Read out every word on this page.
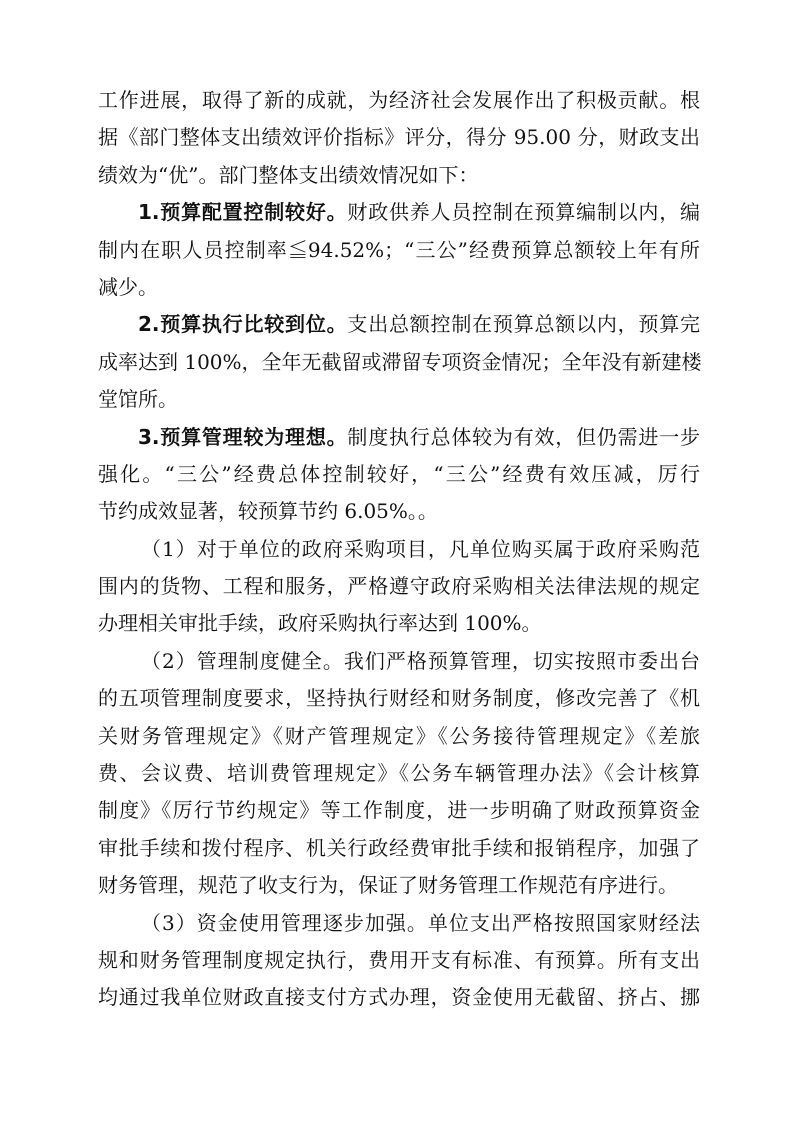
工作进展，取得了新的成就，为经济社会发展作出了积极贡献。根
据《部门整体支出绩效评价指标》评分，得分 95.00 分，财政支出
绩效为“优”。部门整体支出绩效情况如下：
1.预算配置控制较好。财政供养人员控制在预算编制以内，编
制内在职人员控制率≦94.52%；“三公”经费预算总额较上年有所
减少。
2.预算执行比较到位。支出总额控制在预算总额以内，预算完
成率达到 100%，全年无截留或滞留专项资金情况；全年没有新建楼
堂馆所。
3.预算管理较为理想。制度执行总体较为有效，但仍需进一步
强化。“三公”经费总体控制较好，“三公”经费有效压减，厉行
节约成效显著，较预算节约 6.05%。。
（1）对于单位的政府采购项目，凡单位购买属于政府采购范
围内的货物、工程和服务，严格遵守政府采购相关法律法规的规定
办理相关审批手续，政府采购执行率达到 100%。
（2）管理制度健全。我们严格预算管理，切实按照市委出台
的五项管理制度要求，坚持执行财经和财务制度，修改完善了《机
关财务管理规定》《财产管理规定》《公务接待管理规定》《差旅
费、会议费、培训费管理规定》《公务车辆管理办法》《会计核算
制度》《厉行节约规定》等工作制度，进一步明确了财政预算资金
审批手续和拨付程序、机关行政经费审批手续和报销程序，加强了
财务管理，规范了收支行为，保证了财务管理工作规范有序进行。
（3）资金使用管理逐步加强。单位支出严格按照国家财经法
规和财务管理制度规定执行，费用开支有标准、有预算。所有支出
均通过我单位财政直接支付方式办理，资金使用无截留、挤占、挪
